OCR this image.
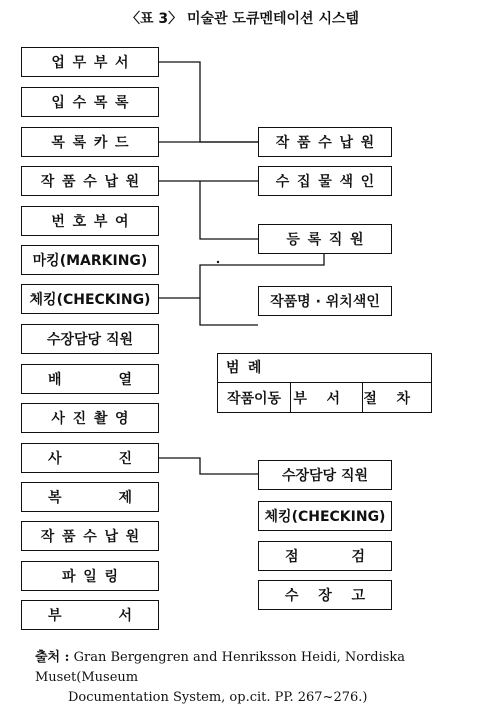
〈표 3〉 미술관 도큐멘테이션 시스템
업무부서
입수목록
목록카드
작품수납원
번호부여
마킹(MARKING)
체킹(CHECKING)
수장담당 직원
배	열
사진촬영
사	진
복	제
작품수납원
파일링
부	서
작품수납원
수집물색인
등록직원
작품명 · 위치색인
범례
작품이동 부서 절차
수장담당 직원
체킹(CHECKING)
점	검
수 장 고
출처 : Gran Bergengren and Henriksson Heidi, Nordiska Muset(Museum
Documentation System, op.cit. PP. 267~276.)
